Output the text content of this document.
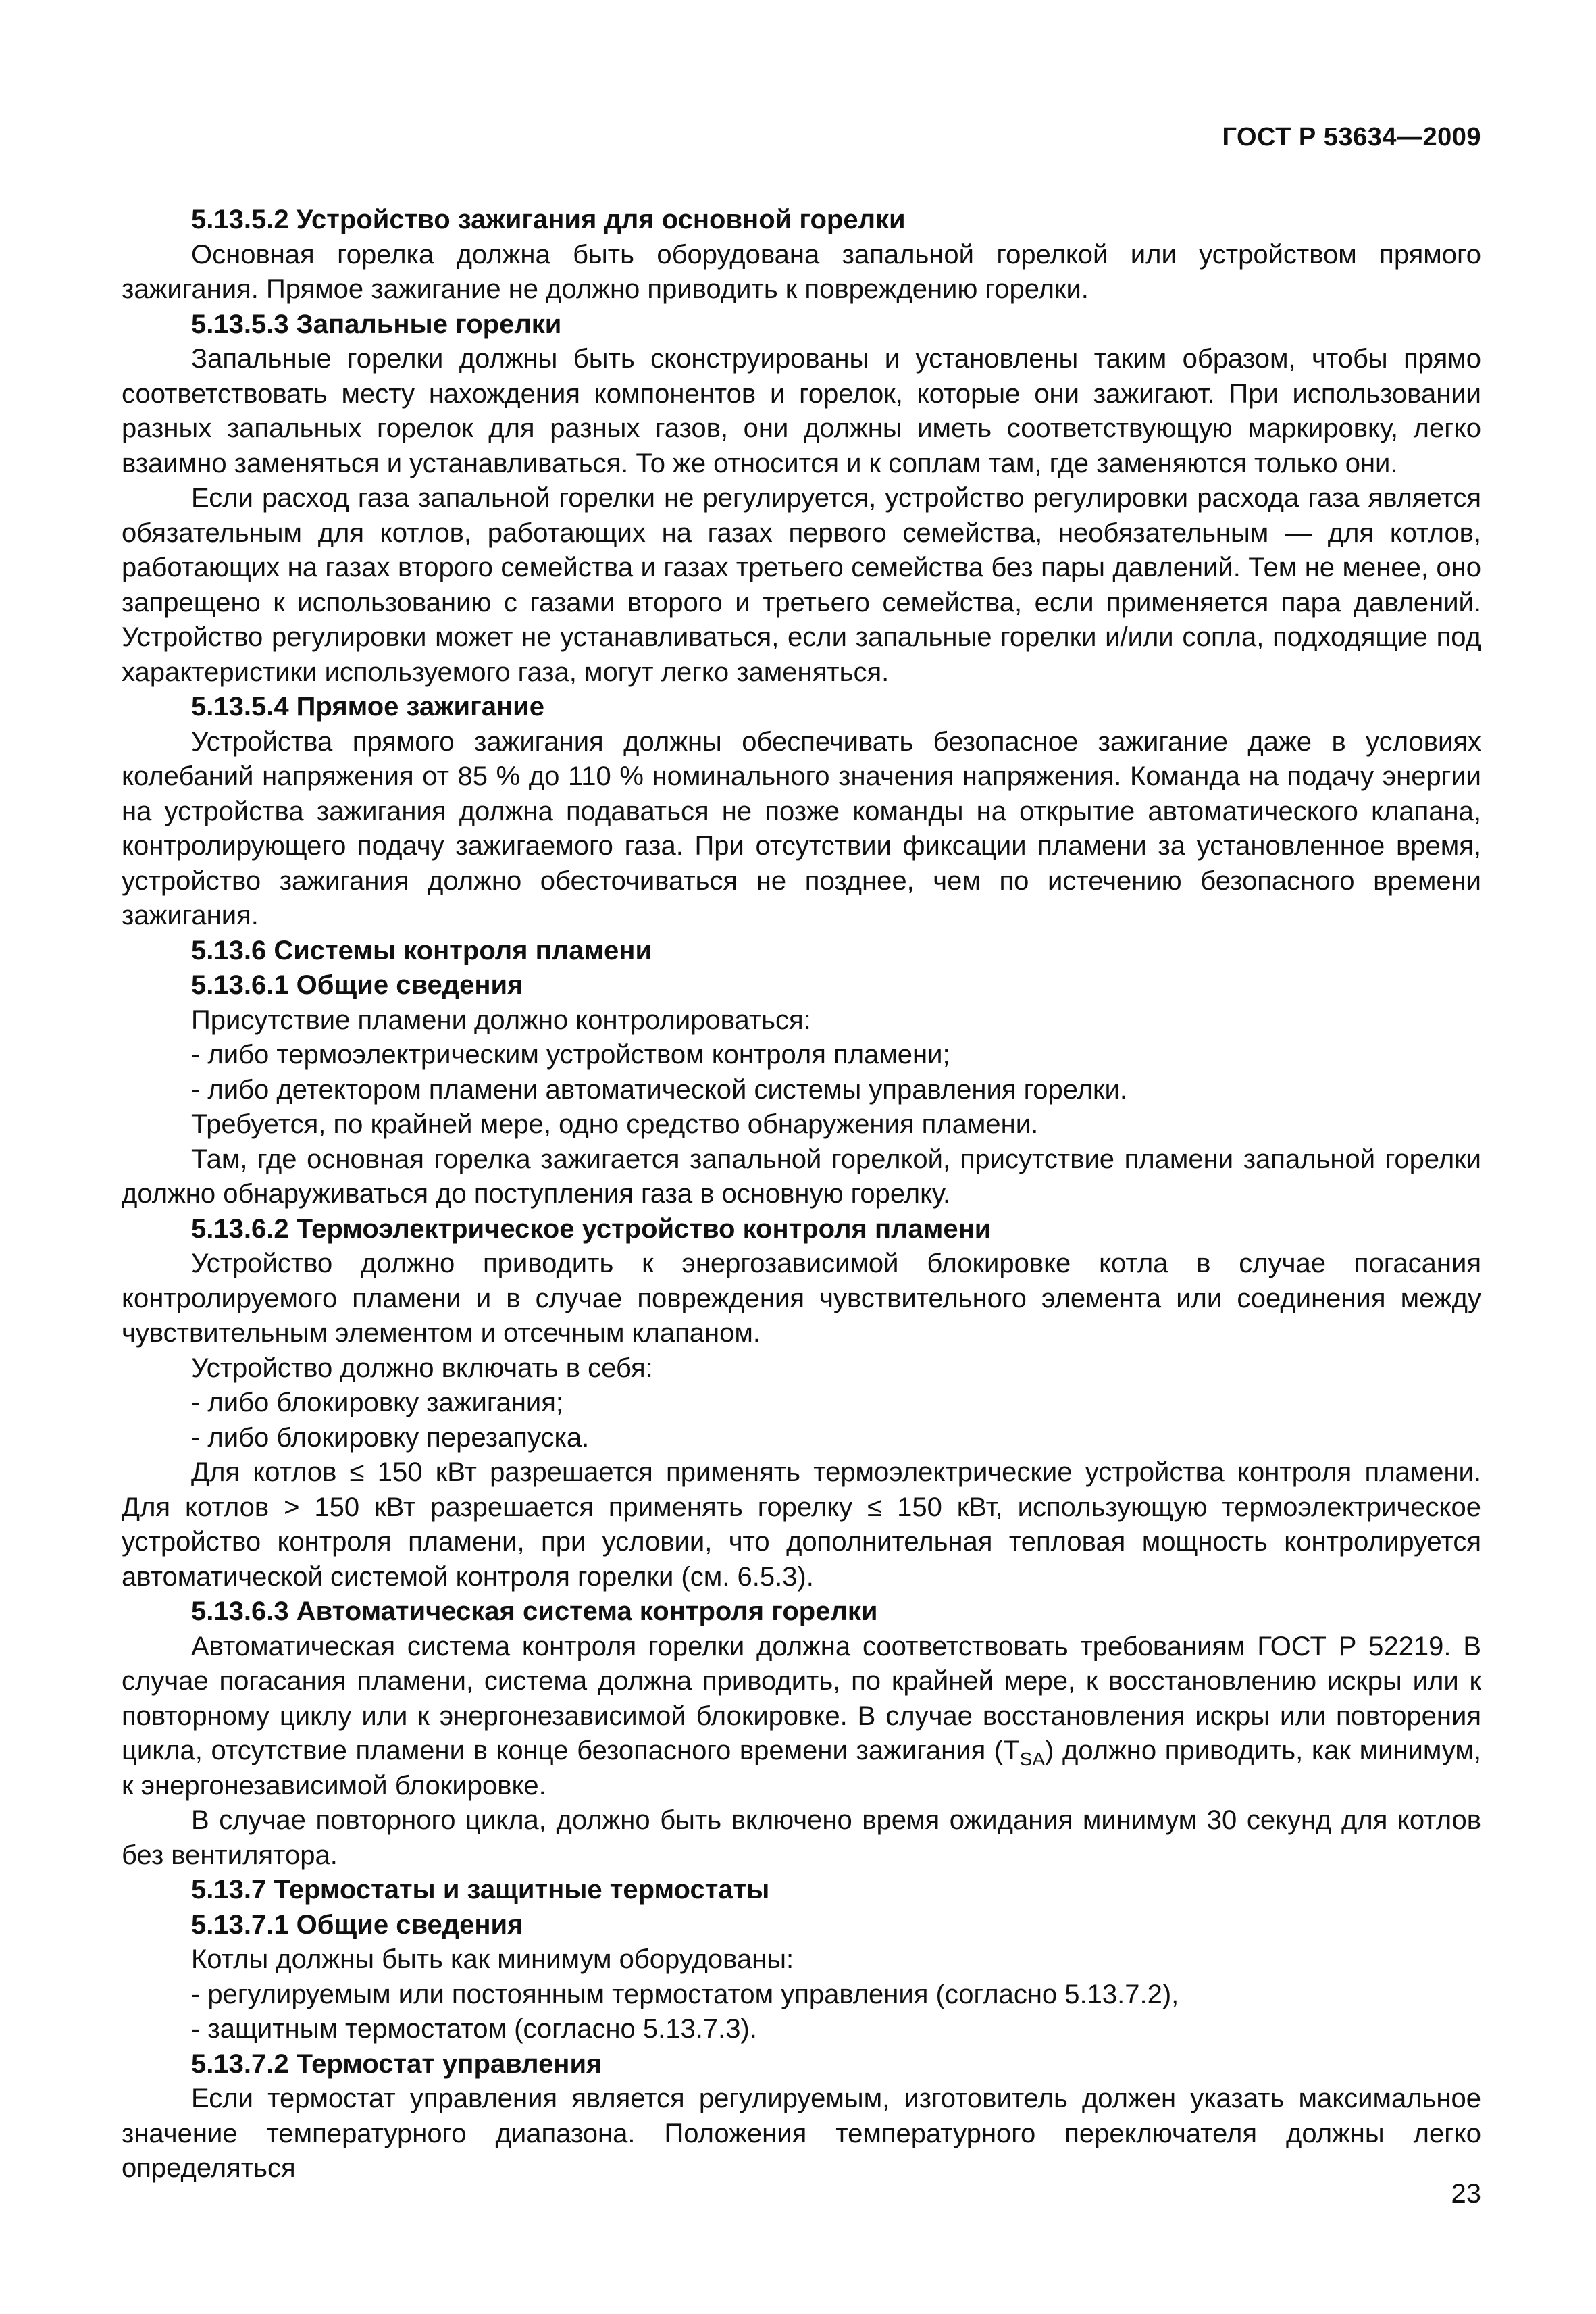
ГОСТ Р 53634—2009
5.13.5.2 Устройство зажигания для основной горелки

Основная горелка должна быть оборудована запальной горелкой или устройством прямого зажигания. Прямое зажигание не должно приводить к повреждению горелки.

5.13.5.3 Запальные горелки

Запальные горелки должны быть сконструированы и установлены таким образом, чтобы прямо соответствовать месту нахождения компонентов и горелок, которые они зажигают. При использовании разных запальных горелок для разных газов, они должны иметь соответствующую маркировку, легко взаимно заменяться и устанавливаться. То же относится и к соплам там, где заменяются только они.

Если расход газа запальной горелки не регулируется, устройство регулировки расхода газа является обязательным для котлов, работающих на газах первого семейства, необязательным — для котлов, работающих на газах второго семейства и газах третьего семейства без пары давлений. Тем не менее, оно запрещено к использованию с газами второго и третьего семейства, если применяется пара давлений. Устройство регулировки может не устанавливаться, если запальные горелки и/или сопла, подходящие под характеристики используемого газа, могут легко заменяться.

5.13.5.4 Прямое зажигание

Устройства прямого зажигания должны обеспечивать безопасное зажигание даже в условиях колебаний напряжения от 85 % до 110 % номинального значения напряжения. Команда на подачу энергии на устройства зажигания должна подаваться не позже команды на открытие автоматического клапана, контролирующего подачу зажигаемого газа. При отсутствии фиксации пламени за установленное время, устройство зажигания должно обесточиваться не позднее, чем по истечению безопасного времени зажигания.

5.13.6 Системы контроля пламени
5.13.6.1 Общие сведения

Присутствие пламени должно контролироваться:

- либо термоэлектрическим устройством контроля пламени;
- либо детектором пламени автоматической системы управления горелки.

Требуется, по крайней мере, одно средство обнаружения пламени.

Там, где основная горелка зажигается запальной горелкой, присутствие пламени запальной горелки должно обнаруживаться до поступления газа в основную горелку.

5.13.6.2 Термоэлектрическое устройство контроля пламени

Устройство должно приводить к энергозависимой блокировке котла в случае погасания контролируемого пламени и в случае повреждения чувствительного элемента или соединения между чувствительным элементом и отсечным клапаном.

Устройство должно включать в себя:

- либо блокировку зажигания;
- либо блокировку перезапуска.

Для котлов ≤ 150 кВт разрешается применять термоэлектрические устройства контроля пламени. Для котлов > 150 кВт разрешается применять горелку ≤ 150 кВт, использующую термоэлектрическое устройство контроля пламени, при условии, что дополнительная тепловая мощность контролируется автоматической системой контроля горелки (см. 6.5.3).

5.13.6.3 Автоматическая система контроля горелки

Автоматическая система контроля горелки должна соответствовать требованиям ГОСТ Р 52219. В случае погасания пламени, система должна приводить, по крайней мере, к восстановлению искры или к повторному циклу или к энергонезависимой блокировке. В случае восстановления искры или повторения цикла, отсутствие пламени в конце безопасного времени зажигания $(T_{SA})$ должно приводить, как минимум, к энергонезависимой блокировке.

В случае повторного цикла, должно быть включено время ожидания минимум 30 секунд для котлов без вентилятора.

5.13.7 Термостаты и защитные термостаты
5.13.7.1 Общие сведения

Котлы должны быть как минимум оборудованы:

- регулируемым или постоянным термостатом управления (согласно 5.13.7.2),
- защитным термостатом (согласно 5.13.7.3).
5.13.7.2 Термостат управления

Если термостат управления является регулируемым, изготовитель должен указать максимальное значение температурного диапазона. Положения температурного переключателя должны легко определяться

23
